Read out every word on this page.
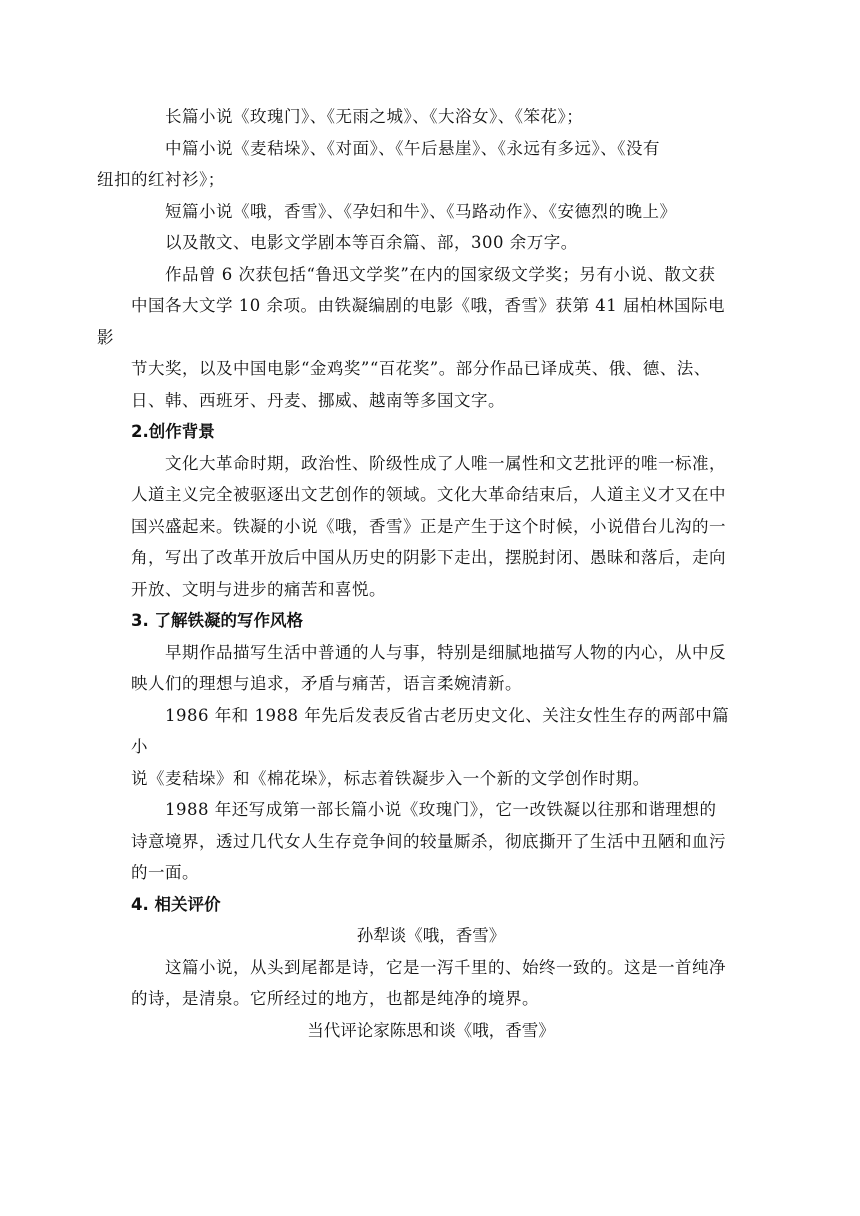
长篇小说《玫瑰门》、《无雨之城》、《大浴女》、《笨花》；

中篇小说《麦秸垛》、《对面》、《午后悬崖》、《永远有多远》、《没有
纽扣的红衬衫》；

短篇小说《哦，香雪》、《孕妇和牛》、《马路动作》、《安德烈的晚上》

以及散文、电影文学剧本等百余篇、部，300 余万字。

作品曾 6 次获包括“鲁迅文学奖”在内的国家级文学奖；另有小说、散文获
中国各大文学 10 余项。由铁凝编剧的电影《哦，香雪》获第 41 届柏林国际电影
节大奖，以及中国电影“金鸡奖”“百花奖”。部分作品已译成英、俄、德、法、
日、韩、西班牙、丹麦、挪威、越南等多国文字。

2.创作背景

文化大革命时期，政治性、阶级性成了人唯一属性和文艺批评的唯一标准，
人道主义完全被驱逐出文艺创作的领域。文化大革命结束后，人道主义才又在中
国兴盛起来。铁凝的小说《哦，香雪》正是产生于这个时候，小说借台儿沟的一
角，写出了改革开放后中国从历史的阴影下走出，摆脱封闭、愚昧和落后，走向
开放、文明与进步的痛苦和喜悦。

3. 了解铁凝的写作风格

早期作品描写生活中普通的人与事，特别是细腻地描写人物的内心，从中反
映人们的理想与追求，矛盾与痛苦，语言柔婉清新。

1986 年和 1988 年先后发表反省古老历史文化、关注女性生存的两部中篇小
说《麦秸垛》和《棉花垛》，标志着铁凝步入一个新的文学创作时期。

1988 年还写成第一部长篇小说《玫瑰门》，它一改铁凝以往那和谐理想的
诗意境界，透过几代女人生存竞争间的较量厮杀，彻底撕开了生活中丑陋和血污
的一面。

4. 相关评价

孙犁谈《哦，香雪》

这篇小说，从头到尾都是诗，它是一泻千里的、始终一致的。这是一首纯净
的诗，是清泉。它所经过的地方，也都是纯净的境界。

当代评论家陈思和谈《哦，香雪》
